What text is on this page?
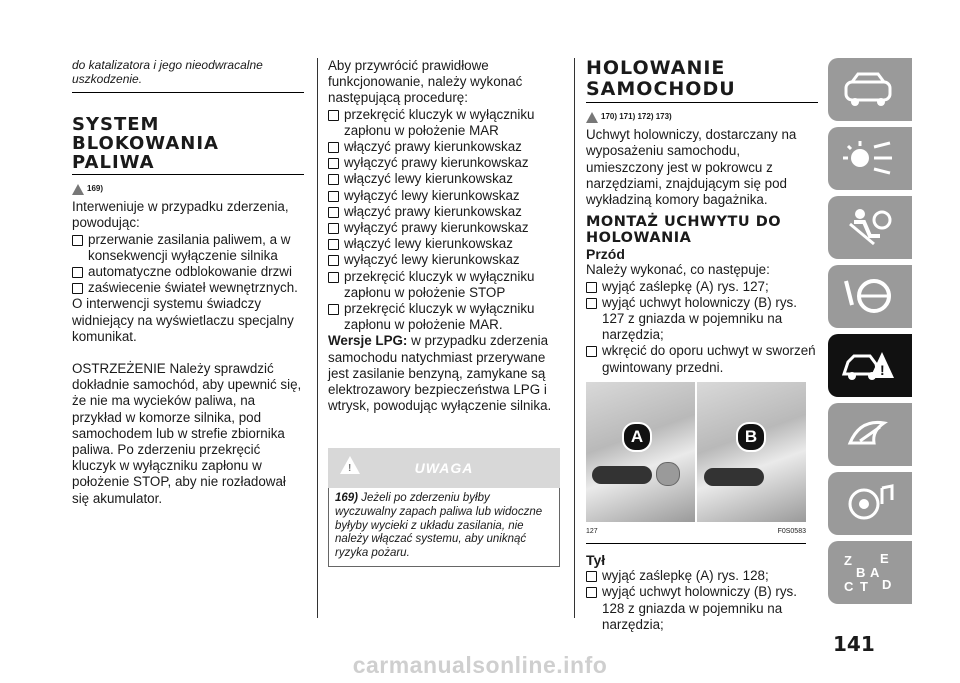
do katalizatora i jego nieodwracalne uszkodzenie.
SYSTEM BLOKOWANIA PALIWA
169)

Interweniuje w przypadku zderzenia, powodując:

przerwanie zasilania paliwem, a w konsekwencji wyłączenie silnika
automatyczne odblokowanie drzwi
zaświecenie świateł wewnętrznych.

O interwencji systemu świadczy widniejący na wyświetlaczu specjalny komunikat.

OSTRZEŻENIE Należy sprawdzić dokładnie samochód, aby upewnić się, że nie ma wycieków paliwa, na przykład w komorze silnika, pod samochodem lub w strefie zbiornika paliwa. Po zderzeniu przekręcić kluczyk w wyłączniku zapłonu w położenie STOP, aby nie rozładował się akumulator.

Aby przywrócić prawidłowe funkcjonowanie, należy wykonać następującą procedurę:

przekręcić kluczyk w wyłączniku zapłonu w położenie MAR
włączyć prawy kierunkowskaz
wyłączyć prawy kierunkowskaz
włączyć lewy kierunkowskaz
wyłączyć lewy kierunkowskaz
włączyć prawy kierunkowskaz
wyłączyć prawy kierunkowskaz
włączyć lewy kierunkowskaz
wyłączyć lewy kierunkowskaz
przekręcić kluczyk w wyłączniku zapłonu w położenie STOP
przekręcić kluczyk w wyłączniku zapłonu w położenie MAR.

Wersje LPG: w przypadku zderzenia samochodu natychmiast przerywane jest zasilanie benzyną, zamykane są elektrozawory bezpieczeństwa LPG i wtrysk, powodując wyłączenie silnika.

!	UWAGA
169) Jeżeli po zderzeniu byłby wyczuwalny zapach paliwa lub widoczne byłyby wycieki z układu zasilania, nie należy włączać systemu, aby uniknąć ryzyka pożaru.
HOLOWANIE SAMOCHODU
170) 171) 172) 173)

Uchwyt holowniczy, dostarczany na wyposażeniu samochodu, umieszczony jest w pokrowcu z narzędziami, znajdującym się pod wykładziną komory bagażnika.

MONTAŻ UCHWYTU DO HOLOWANIA

Przód

Należy wykonać, co następuje:

wyjąć zaślepkę (A) rys. 127;
wyjąć uchwyt holowniczy (B) rys. 127 z gniazda w pojemniku na narzędzia;
wkręcić do oporu uchwyt w sworzeń gwintowany przedni.
A	B
127	F0S0583

Tył

wyjąć zaślepkę (A) rys. 128;
wyjąć uchwyt holowniczy (B) rys. 128 z gniazda w pojemniku na narzędzia;
!
Z E
B A
C T D
141
carmanualsonline.info
